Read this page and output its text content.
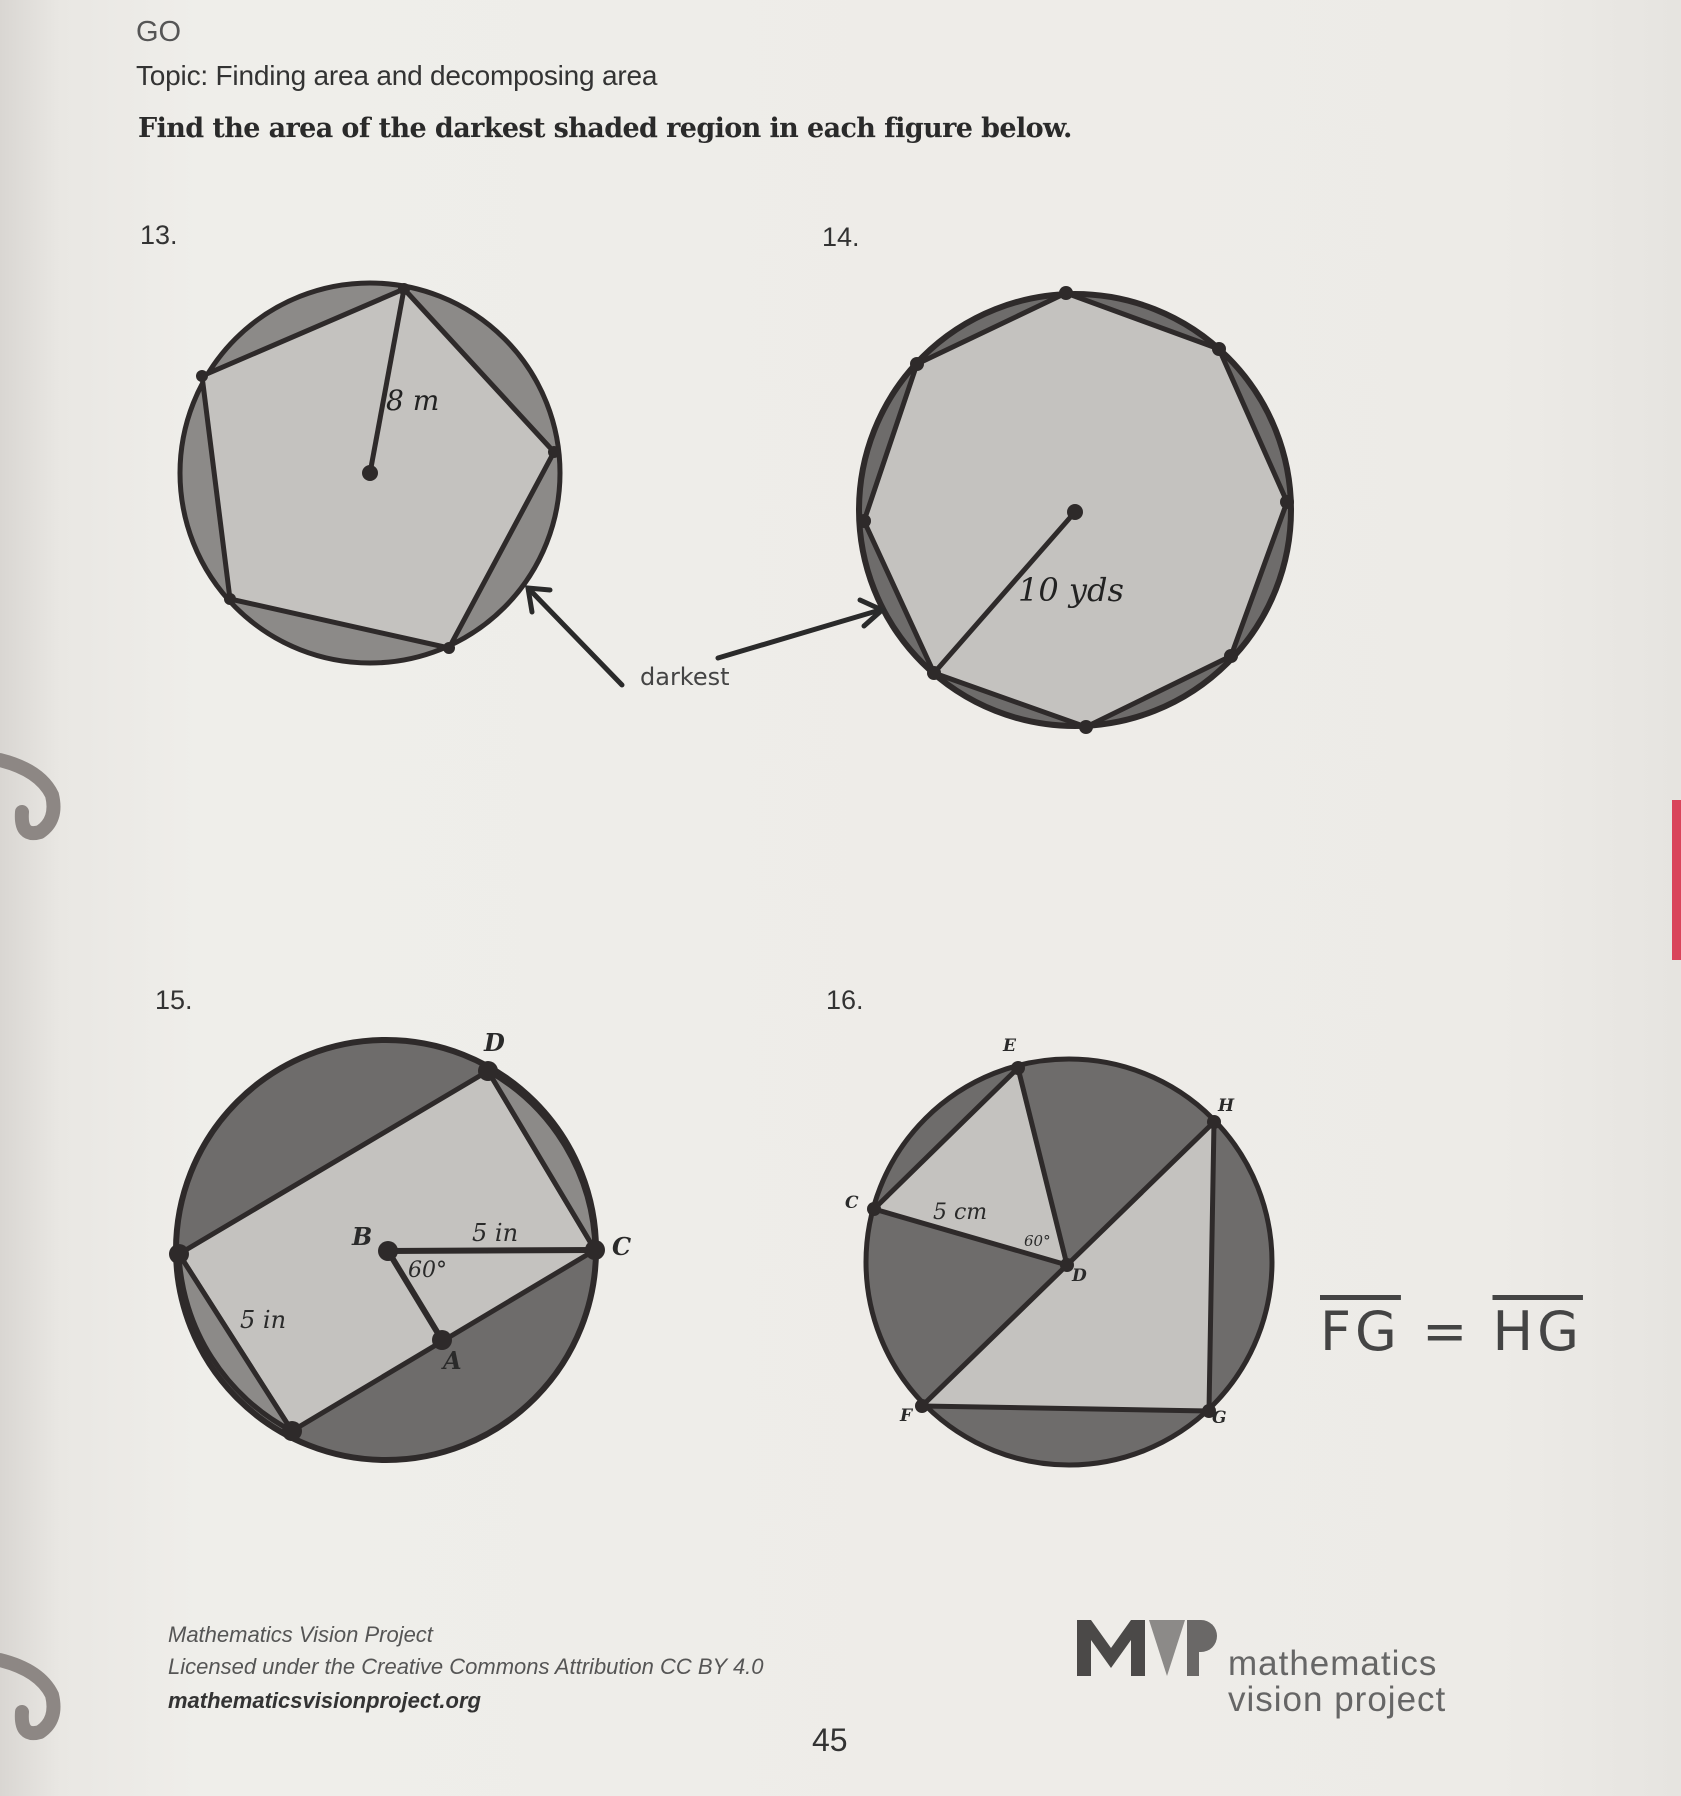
GO
Topic: Finding area and decomposing area
Find the area of the darkest shaded region in each figure below.
13.	14.
15.	16.
8 m
10 yds
B	C
D
A
5 in
60°
5 in
E
H
C
D
F	G
5 cm
60°
darkest
$\overline{FG} = \overline{HG}$
Mathematics Vision Project
Licensed under the Creative Commons Attribution CC BY 4.0
mathematicsvisionproject.org
45
mathematics
vision project
